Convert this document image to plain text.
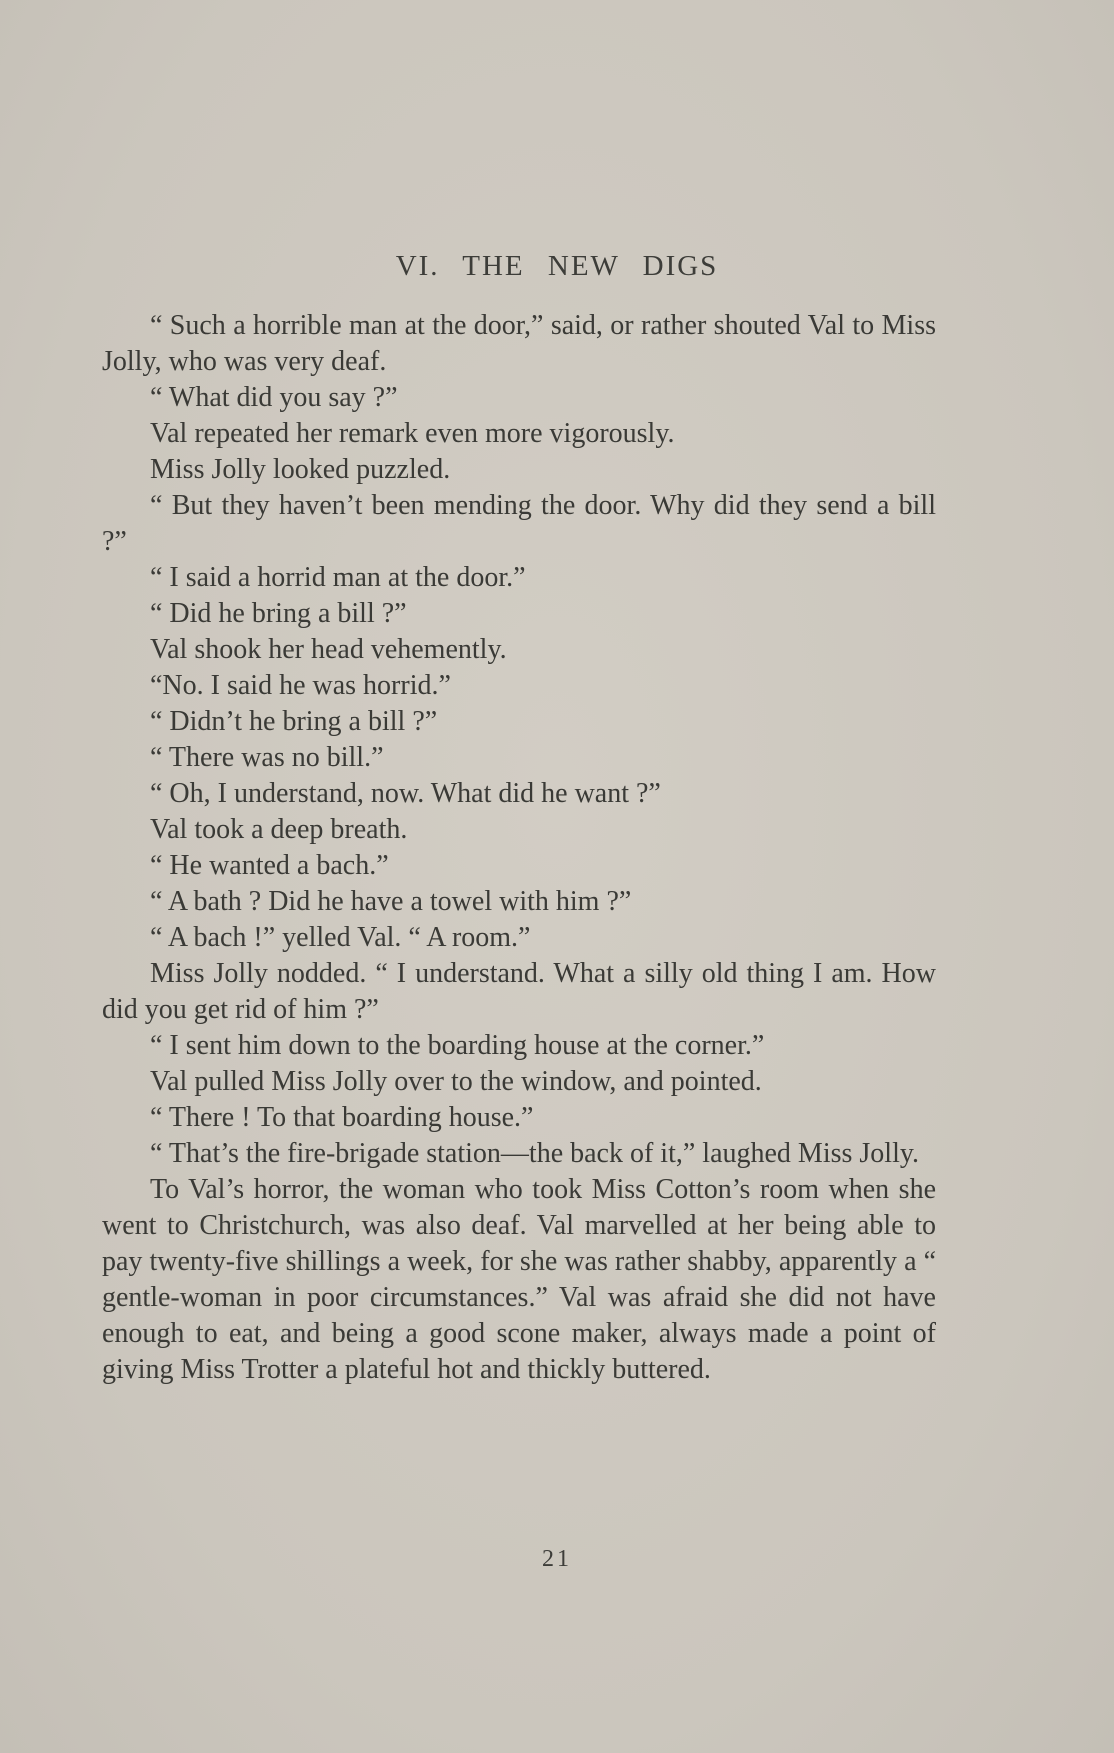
VI. THE NEW DIGS

“ Such a horrible man at the door,” said, or rather shouted Val to Miss Jolly, who was very deaf.

“ What did you say ?”

Val repeated her remark even more vigorously.

Miss Jolly looked puzzled.

“ But they haven’t been mending the door. Why did they send a bill ?”

“ I said a horrid man at the door.”

“ Did he bring a bill ?”

Val shook her head vehemently.

“No. I said he was horrid.”

“ Didn’t he bring a bill ?”

“ There was no bill.”

“ Oh, I understand, now. What did he want ?”

Val took a deep breath.

“ He wanted a bach.”

“ A bath ? Did he have a towel with him ?”

“ A bach !” yelled Val. “ A room.”

Miss Jolly nodded. “ I understand. What a silly old thing I am. How did you get rid of him ?”

“ I sent him down to the boarding house at the corner.”

Val pulled Miss Jolly over to the window, and pointed.

“ There ! To that boarding house.”

“ That’s the fire-brigade station—the back of it,” laughed Miss Jolly.

To Val’s horror, the woman who took Miss Cotton’s room when she went to Christchurch, was also deaf. Val marvelled at her being able to pay twenty-five shillings a week, for she was rather shabby, apparently a “ gentle-woman in poor circumstances.” Val was afraid she did not have enough to eat, and being a good scone maker, always made a point of giving Miss Trotter a plateful hot and thickly buttered.

21
